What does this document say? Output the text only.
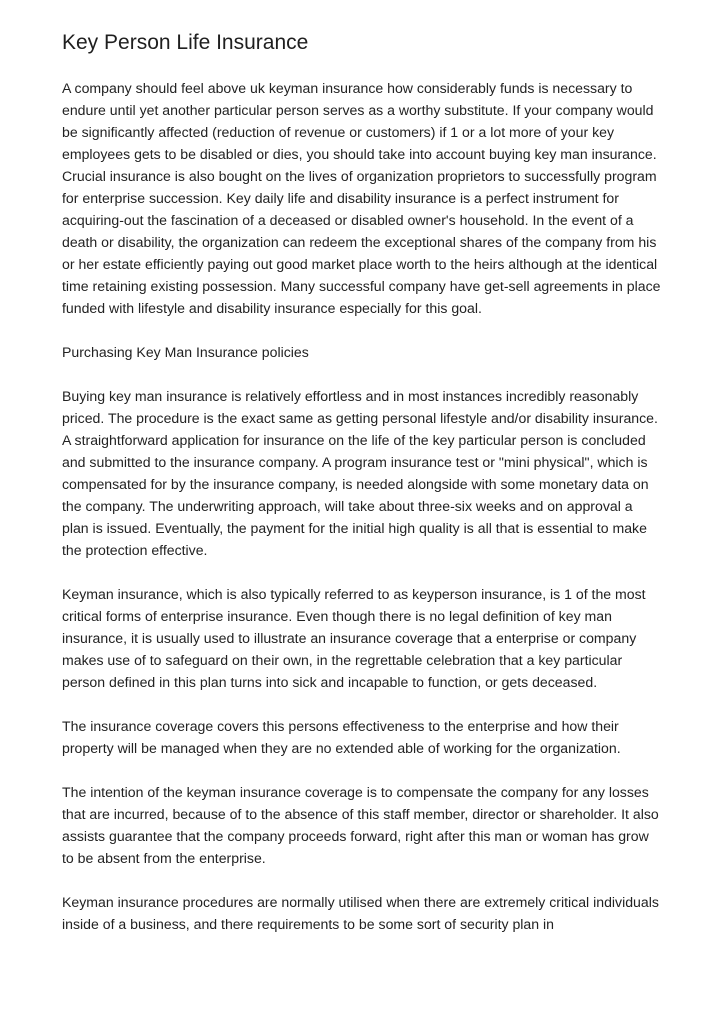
Key Person Life Insurance

A company should feel above uk keyman insurance how considerably funds is necessary to endure until yet another particular person serves as a worthy substitute. If your company would be significantly affected (reduction of revenue or customers) if 1 or a lot more of your key employees gets to be disabled or dies, you should take into account buying key man insurance. Crucial insurance is also bought on the lives of organization proprietors to successfully program for enterprise succession. Key daily life and disability insurance is a perfect instrument for acquiring-out the fascination of a deceased or disabled owner's household. In the event of a death or disability, the organization can redeem the exceptional shares of the company from his or her estate efficiently paying out good market place worth to the heirs although at the identical time retaining existing possession. Many successful company have get-sell agreements in place funded with lifestyle and disability insurance especially for this goal.

Purchasing Key Man Insurance policies

Buying key man insurance is relatively effortless and in most instances incredibly reasonably priced. The procedure is the exact same as getting personal lifestyle and/or disability insurance. A straightforward application for insurance on the life of the key particular person is concluded and submitted to the insurance company. A program insurance test or "mini physical", which is compensated for by the insurance company, is needed alongside with some monetary data on the company. The underwriting approach, will take about three-six weeks and on approval a plan is issued. Eventually, the payment for the initial high quality is all that is essential to make the protection effective.

Keyman insurance, which is also typically referred to as keyperson insurance, is 1 of the most critical forms of enterprise insurance. Even though there is no legal definition of key man insurance, it is usually used to illustrate an insurance coverage that a enterprise or company makes use of to safeguard on their own, in the regrettable celebration that a key particular person defined in this plan turns into sick and incapable to function, or gets deceased.

The insurance coverage covers this persons effectiveness to the enterprise and how their property will be managed when they are no extended able of working for the organization.

The intention of the keyman insurance coverage is to compensate the company for any losses that are incurred, because of to the absence of this staff member, director or shareholder. It also assists guarantee that the company proceeds forward, right after this man or woman has grow to be absent from the enterprise.

Keyman insurance procedures are normally utilised when there are extremely critical individuals inside of a business, and there requirements to be some sort of security plan in
